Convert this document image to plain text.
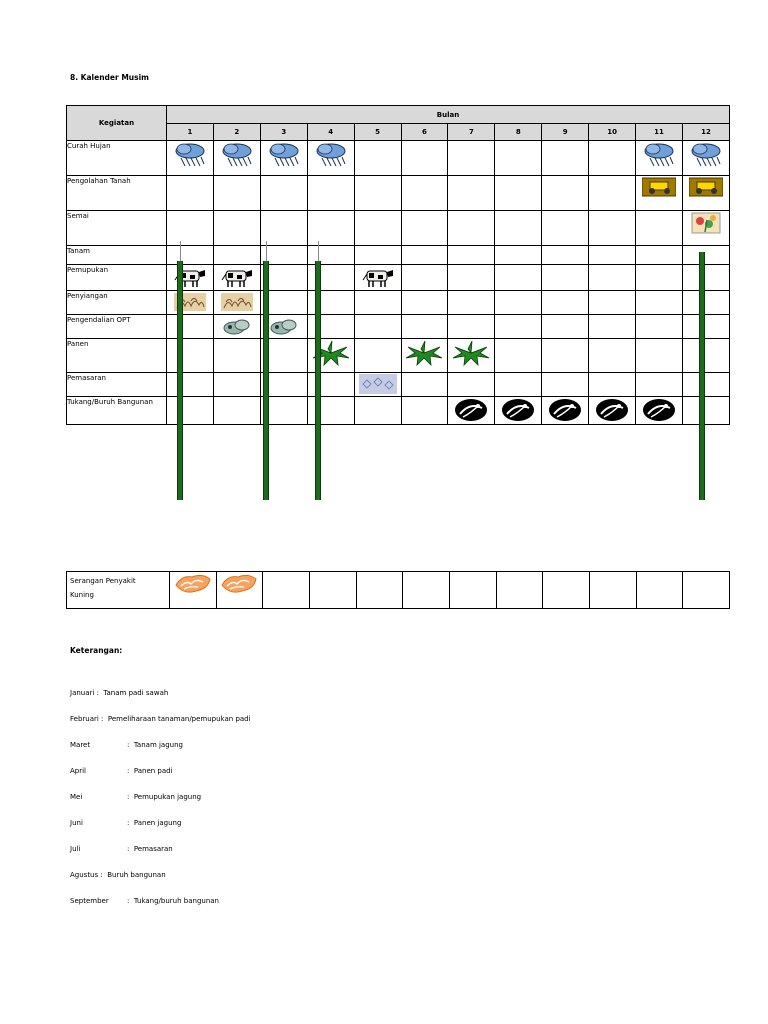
8. Kalender Musim
Kegiatan	Bulan											
	1	2	3	4	5	6	7	8	9	10	11	12
Curah Hujan												
Pengolahan Tanah												
Semai												
Tanam												
Pemupukan												
Penyiangan												
Pengendalian OPT												
Panen												
Pemasaran												
Tukang/Buruh Bangunan												
Serangan Penyakit
Kuning												
Keterangan:
Januari : Tanam padi sawah
Februari : Pemeliharaan tanaman/pemupukan padi
Maret	: Tanam jagung
April	: Panen padi
Mei	: Pemupukan jagung
Juni	: Panen jagung
Juli	: Pemasaran
Agustus : Buruh bangunan
September	: Tukang/buruh bangunan
